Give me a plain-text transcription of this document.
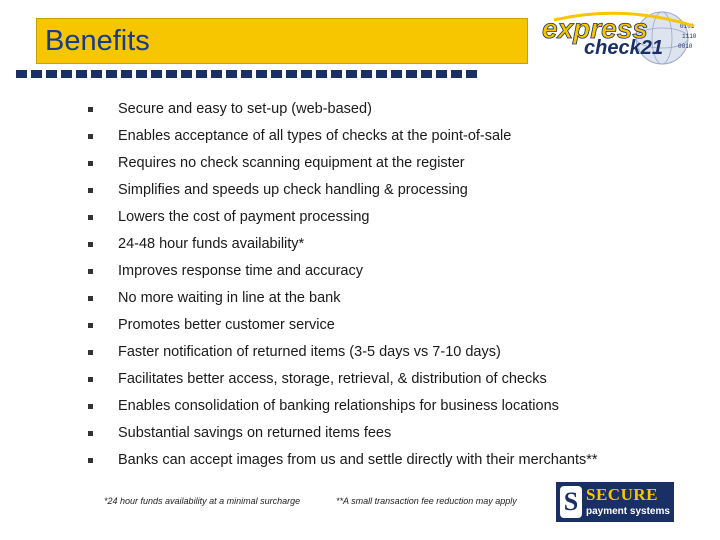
Benefits	0101
1110
0010
express
check21
Secure and easy to set-up (web-based)
Enables acceptance of all types of checks at the point-of-sale
Requires no check scanning equipment at the register
Simplifies and speeds up check handling & processing
Lowers the cost of payment processing
24-48 hour funds availability*
Improves response time and accuracy
No more waiting in line at the bank
Promotes better customer service
Faster notification of returned items (3-5 days vs 7-10 days)
Facilitates better access, storage, retrieval, & distribution of checks
Enables consolidation of banking relationships for business locations
Substantial savings on returned items fees
Banks can accept images from us and settle directly with their merchants**
*24 hour funds availability at a minimal surcharge	**A small transaction fee reduction may apply S SECURE
payment systems
